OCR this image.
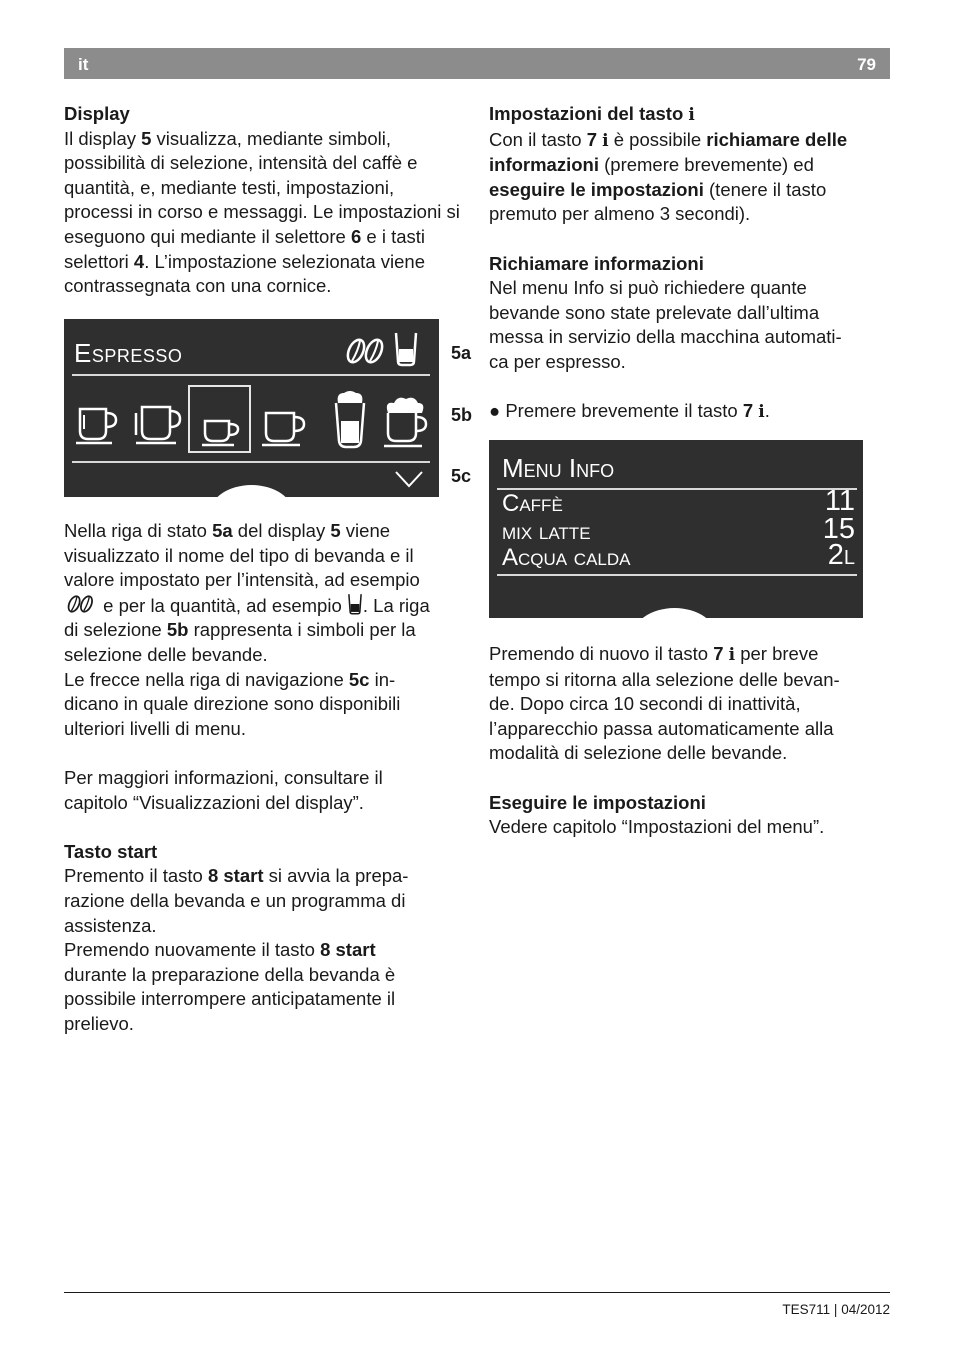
it	79

Display

Il display 5 visualizza, mediante simboli, possibilità di selezione, intensità del caffè e quantità, e, mediante testi, impostazioni, processi in corso e messaggi. Le impostazioni si eseguono qui mediante il selettore 6 e i tasti selettori 4. L’impostazione selezionata viene contrassegnata con una cornice.

Espresso	5a
5b
5c

Nella riga di stato 5a del display 5 viene

visualizzato il nome del tipo di bevanda e il

valore impostato per l’intensità, ad esempio

e per la quantità, ad esempio . La riga

di selezione 5b rappresenta i simboli per la

selezione delle bevande.

Le frecce nella riga di navigazione 5c in-

dicano in quale direzione sono disponibili

ulteriori livelli di menu.

Per maggiori informazioni, consultare il

capitolo “Visualizzazioni del display”.

Tasto start

Premento il tasto 8 start si avvia la prepa-

razione della bevanda e un programma di

assistenza.

Premendo nuovamente il tasto 8 start

durante la preparazione della bevanda è

possibile interrompere anticipatamente il

prelievo.

Impostazioni del tasto i

Con il tasto 7 i è possibile richiamare delle

informazioni (premere brevemente) ed

eseguire le impostazioni (tenere il tasto

premuto per almeno 3 secondi).

Richiamare informazioni

Nel menu Info si può richiedere quante

bevande sono state prelevate dall’ultima

messa in servizio della macchina automati-

ca per espresso.

● Premere brevemente il tasto 7 i.

Menu Info
Caffè	11
mix latte	15
Acqua calda	2l

Premendo di nuovo il tasto 7 i per breve

tempo si ritorna alla selezione delle bevan-

de. Dopo circa 10 secondi di inattività,

l’apparecchio passa automaticamente alla

modalità di selezione delle bevande.

Eseguire le impostazioni

Vedere capitolo “Impostazioni del menu”.

TES711 | 04/2012
